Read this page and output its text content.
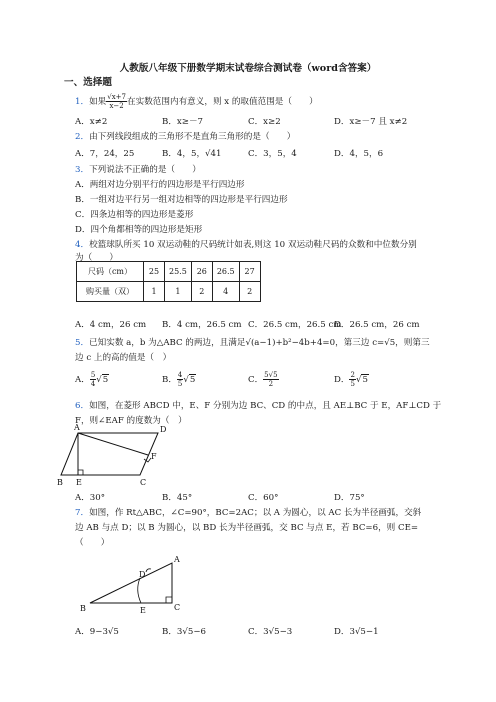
人教版八年级下册数学期末试卷综合测试卷（word含答案）
一、选择题
1．如果 $\frac{√x+7}{x-2}$ 在实数范围内有意义，则 x 的取值范围是（　　）
A．x≠2	B．x≥－7	C．x≥2	D．x≥－7 且 x≠2
2．由下列线段组成的三角形不是直角三角形的是（　　）
A．7，24，25	B．4，5，√41	C．3，5，4	D．4，5，6
3．下列说法不正确的是（　　）
A．两组对边分别平行的四边形是平行四边形
B．一组对边平行另一组对边相等的四边形是平行四边形
C．四条边相等的四边形是菱形
D．四个角都相等的四边形是矩形
4．校篮球队所买 10 双运动鞋的尺码统计如表,则这 10 双运动鞋尺码的众数和中位数分别
为（　　）
尺码（cm）	25	25.5	26	26.5	27
购买量（双）	1	1	2	4	2
A．4 cm，26 cm B．4 cm，26.5 cm C．26.5 cm，26.5 cm
D．26.5 cm，26 cm
5．已知实数 a，b 为△ABC 的两边，且满足√(a−1)+b²−4b+4=0，第三边 c=√5，则第三
边 c 上的高的值是（　）
A． $\frac{5}{4} √5$	B． $\frac{4}{5} √5$	C． $\frac{5√5}{2}$	D． $\frac{2}{5} √5$
6．如图，在菱形 ABCD 中，E、F 分别为边 BC、CD 的中点，且 AE⊥BC 于 E，AF⊥CD 于
F，则∠EAF 的度数为（　）
A	D
F
B E	C
A．30°	B．45°	C．60°	D．75°
7．如图，作 Rt△ABC，∠C=90°，BC=2AC；以 A 为圆心，以 AC 长为半径画弧，交斜
边 AB 与点 D；以 B 为圆心，以 BD 长为半径画弧，交 BC 与点 E，若 BC=6，则 CE=
（　　）
A
D
B	E	C
A．9−3√5	B．3√5−6	C．3√5−3	D．3√5−1
